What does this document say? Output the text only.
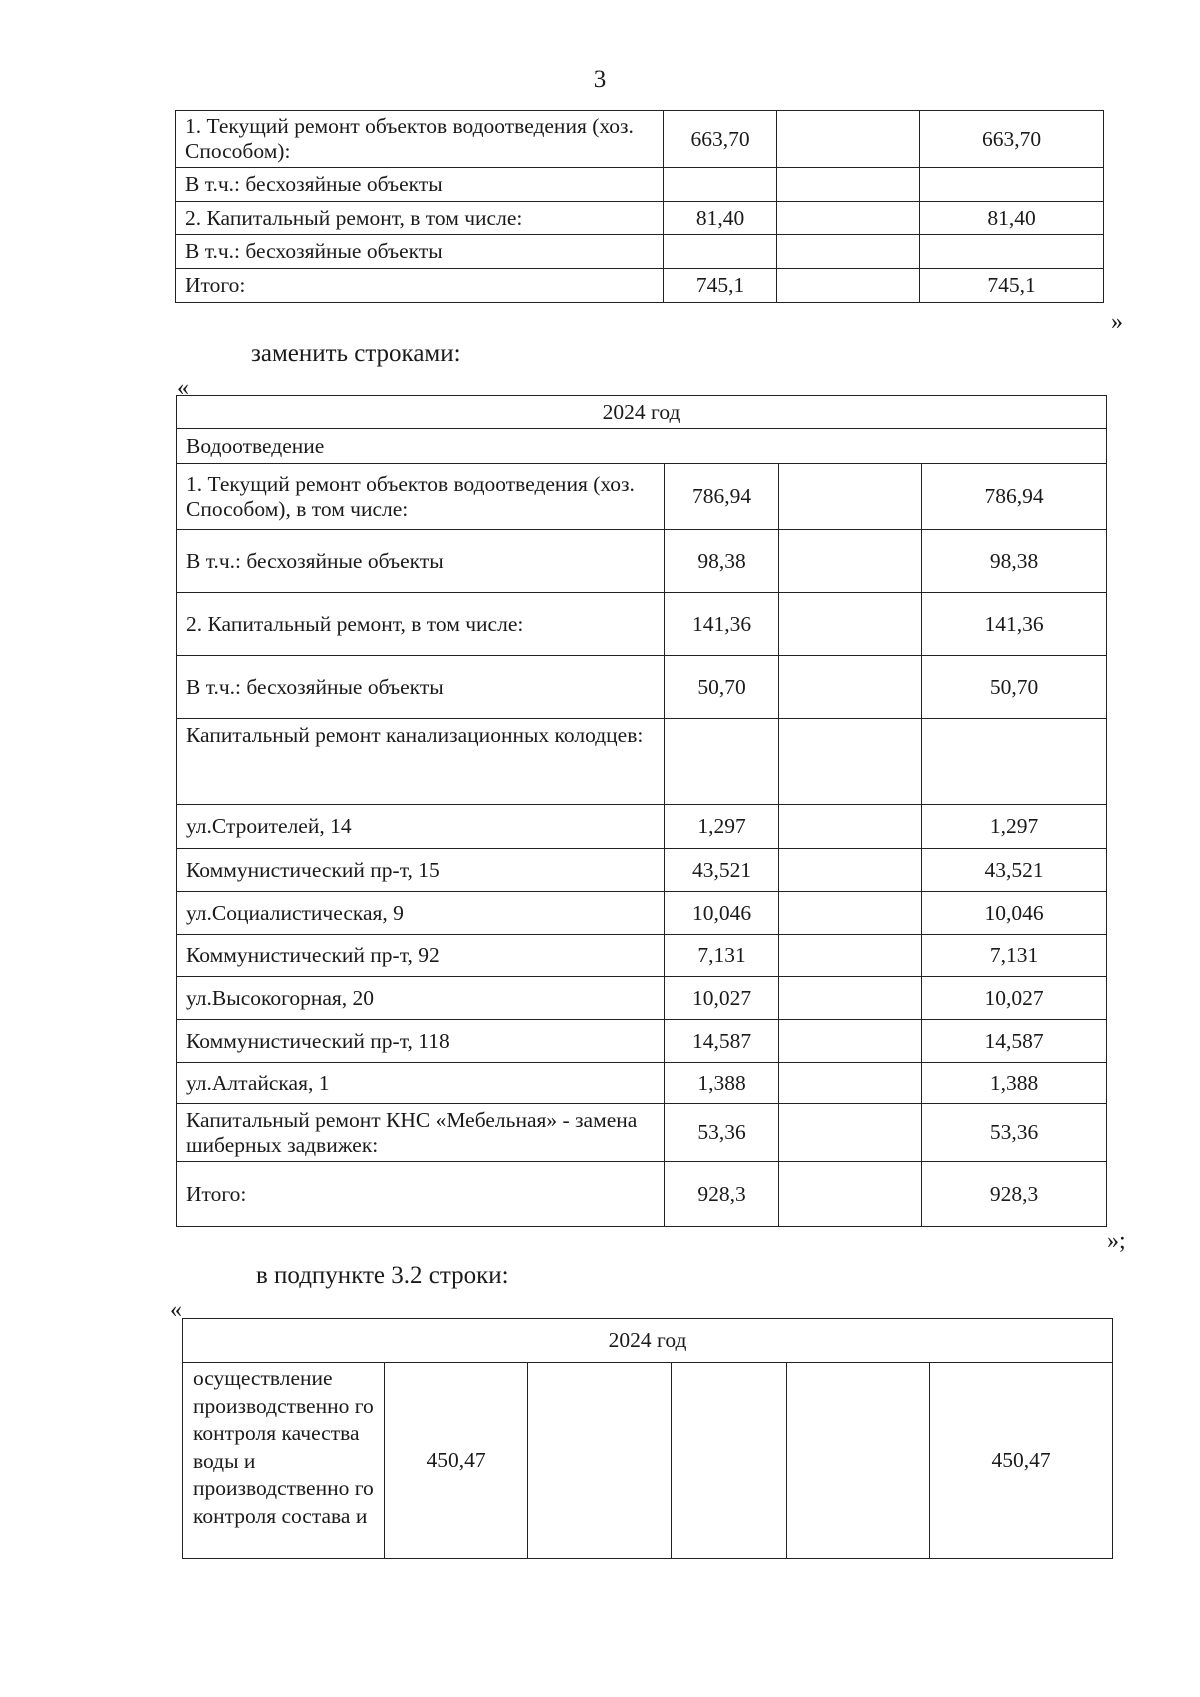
3
1. Текущий ремонт объектов водоотведения (хоз. Способом):	663,70		663,70
В т.ч.: бесхозяйные объекты			
2. Капитальный ремонт, в том числе:	81,40		81,40
В т.ч.: бесхозяйные объекты			
Итого:	745,1		745,1
»
заменить строками:
«
2024 год			
Водоотведение			
1. Текущий ремонт объектов водоотведения (хоз. Способом), в том числе:	786,94		786,94
В т.ч.: бесхозяйные объекты	98,38		98,38
2. Капитальный ремонт, в том числе:	141,36		141,36
В т.ч.: бесхозяйные объекты	50,70		50,70
Капитальный ремонт канализационных колодцев:			
ул.Строителей, 14	1,297		1,297
Коммунистический пр-т, 15	43,521		43,521
ул.Социалистическая, 9	10,046		10,046
Коммунистический пр-т, 92	7,131		7,131
ул.Высокогорная, 20	10,027		10,027
Коммунистический пр-т, 118	14,587		14,587
ул.Алтайская, 1	1,388		1,388
Капитальный ремонт КНС «Мебельная» - замена шиберных задвижек:	53,36		53,36
Итого:	928,3		928,3
»;
в подпункте 3.2 строки:
«
2024 год
осуществление производственно го контроля качества воды и производственно го контроля состава и	450,47				450,47
